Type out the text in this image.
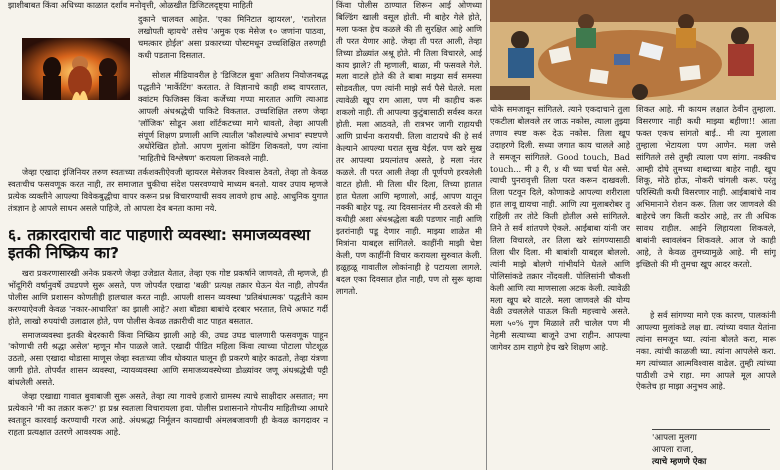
झाशीबाबत किंवा अधिच्या काळात दर्शाव मनोवृत्ती, ओळखीत डिजिटलदृष्ट्या माहिती

दुकाने चालवत आहेत. 'एका मिनिटात व्हायरल', 'रातोरात लखोपती व्हायचे' तसेच 'अमुक एक मेसेज १० जणांना पाठवा, चमत्कार होईल' असा प्रकारच्या पोस्टमधून उच्चशिक्षित तरुणही कधी पडताना दिसतात.

सोशल मीडियावरील हे 'डिजिटल बुवा' अतिशय नियोजनबद्ध पद्धतीने 'मार्केटिंग' करतात. ते विज्ञानाचे काही शब्द वापरतात, क्वांटम फिजिक्स किंवा कर्जेच्या गप्पा मारतात आणि त्याआड आपली अंधश्रद्धेची पाकिटे विकतात. उच्चशिक्षित तरुण जेव्हा 'लॉजिक' सोडून अशा शॉर्टकटच्या मागे धावतो, तेव्हा आपली संपूर्ण शिक्षण प्रणाली आणि त्यातील 'कौशल्यांचे अभाव' स्पष्टपणे अधोरेखित होतो. आपण मुलांना कोडिंग शिकवतो, पण त्यांना 'माहितीचे विश्लेषण' करायला शिकवले नाही.

जेव्हा एखादा इंजिनियर तरुण स्वतःच्या तर्कशक्तीऐवजी व्हायरल मेसेजवर विश्वास ठेवतो, तेव्हा तो केवळ स्वतःचीच फसवणूक करत नाही, तर समाजात चुकीचा संदेश पसरवण्याचे माध्यम बनतो. यावर उपाय म्हणजे प्रत्येक व्यक्तीने आपल्या विवेकबुद्धीचा वापर करून प्रश्न विचारण्याची सवय लावणे हाच आहे. आधुनिक युगात तंत्रज्ञान हे आपले साधन असले पाहिजे, तो आपला देव बनता कामा नये.

६. तक्रारदाराची वाट पाहणारी व्यवस्था: समाजव्यवस्था इतकी निष्क्रिय का?

खरा प्रकरणासारखी अनेक प्रकरणे जेव्हा उजेडात येतात, तेव्हा एक गोष्ट प्रकर्षाने जाणवते, ती म्हणजे, ही भोंदूगिरी वर्षानुवर्षे उघडपणे सुरू असते, पण जोपर्यंत एखादा 'बळी' प्रत्यक्ष तक्रार घेऊन येत नाही, तोपर्यंत पोलीस आणि प्रशासन कोणतीही हालचाल करत नाही. आपली शासन व्यवस्था 'प्रतिबंधात्मक' पद्धतीने काम करण्याऐवजी केवळ 'नकार-आधारित' का झाली आहे? अशा बोंड्या बाबांचे दरबार भरतात, तिथे अफाट गर्दी होते, लाखो रुपयांची उलाढाल होते, पण पोलीस केवळ तक्रारीची वाट पाहत बसतात.

समाजव्यवस्था इतकी बेदरकारी किंवा निष्क्रिय झाली आहे की, उघड उघड चालणारी फसवणूक पाहून 'कोणाची तरी श्रद्धा असेल' म्हणून मौन पाळले जाते. एखादी पीडित महिला किंवा त्याच्या पोटाला पोटशूळ उठतो, असा एखादा थोडासा माणूस जेव्हा स्वतःच्या जीव धोक्यात घालून ही प्रकरणे बाहेर काढतो, तेव्हा यंत्रणा जागी होते. तोपर्यंत शासन व्यवस्था, न्यायव्यवस्था आणि समाजव्यवस्थेच्या डोळ्यांवर जणू अंधश्रद्धेची पट्टी बांधलेली असते.

जेव्हा एखाद्या गावात बुवाबाजी सुरू असते, तेव्हा त्या गावचे हजारो ग्रामस्थ त्याचे साक्षीदार असतात; मग प्रत्येकाने 'मी का तक्रार करू?' हा प्रश्न स्वतःला विचारायला हवा. पोलीस प्रशासनाने गोपनीय माहितीच्या आधारे स्वतःहून कारवाई करण्याची गरज आहे. अंधश्रद्धा निर्मूलन कायद्याची अंमलबजावणी ही केवळ कागदावर न राहता प्रत्यक्षात उतरणे आवश्यक आहे.

किंवा पोलीस ठाण्यात शिरून आई ओणध्या बिल्डिंग खाली वसूल होती. मी बाहेर गेले होते, मला फक्त हेच कळले की ती सुरक्षित आहे आणि ती परत येणार आहे. जेव्हा ती परत आली, तेव्हा तिच्या डोळ्यांत अश्रू होते. मी तिला विचारले, आई काय झाले? ती म्हणाली, बाळा, मी फसवले गेले. मला वाटले होते की ते बाबा माझ्या सर्व समस्या सोडवतील, पण त्यांनी माझे सर्व पैसे घेतले. मला त्यावेळी खूप राग आला, पण मी काहीच करू शकलो नाही. ती आपल्या कुटुंबासाठी सर्वस्व करत होती. मला आठवते, ती रात्रभर जागी राहायची आणि प्रार्थना करायची. तिला वाटायचे की हे सर्व केल्याने आपल्या घरात सुख येईल. पण खरे सुख तर आपल्या प्रयत्नांतच असते, हे मला नंतर कळले. ती परत आली तेव्हा ती पूर्णपणे हरवलेली वाटत होती. मी तिला धीर दिला, तिच्या हातात हात घेतला आणि म्हणालो, आई, आपण यातून नक्की बाहेर पडू. त्या दिवसानंतर मी ठरवले की मी कधीही अशा अंधश्रद्धेला बळी पडणार नाही आणि इतरांनाही पडू देणार नाही. माझ्या शाळेत मी मित्रांना याबद्दल सांगितले. काहींनी माझी चेष्टा केली, पण काहींनी विचार करायला सुरुवात केली. हळूहळू गावातील लोकांनाही हे पटायला लागले. बदल एका दिवसात होत नाही, पण तो सुरू व्हावा लागतो.

धोके समजावून सांगितले. त्याने एकदाचाने तुला एकटीला बोलवले तर जाऊ नकोस, त्याला तुझ्या तणाव स्पष्ट करू देऊ नकोस. तिला खूप उदाहरणे दिली. सध्या जगात काय चालले आहे ते समजून सांगितले. Good touch, Bad touch... मी ३ री, ४ थी च्या चर्चा घेत असे. त्याची पुनरावृत्ती तिला परत करून दाखवली. तिला पटवून दिले, कोणाकडे आपल्या शरीराला हात लावू द्यायचा नाही. आणि त्या मुलाबरोबर तू राहिली तर तोटे किती होतील असे सांगितले. तिने ते सर्व शांतपणे ऐकले. आईबाबा यांनी जर तिला विचारले, तर तिला खरे सांगण्यासाठी तिला धीर दिला. मी बाबांशी याबद्दल बोललो. त्यांनी माझे बोलणे गांभीर्याने घेतले आणि पोलिसांकडे तक्रार नोंदवली. पोलिसांनी चौकशी केली आणि त्या माणसाला अटक केली. त्यावेळी मला खूप बरे वाटले. मला जाणवले की योग्य वेळी उचललेले पाऊल किती महत्त्वाचे असते. मला ५०% गुण मिळाले तरी चालेल पण मी नेहमी सत्याच्या बाजूने उभा राहीन. आपल्या जागेवर ठाम राहणे हेच खरे शिक्षण आहे.

शिकत आहे. मी कायम लक्षात ठेवीन तुम्हाला. विसरणार नाही कधी माझ्या बहीणा!! आता फक्त एकच सांगतो बाई.. मी त्या मुलाला तुम्हाला भेटायला पण आणेन. मला जसे सांगितले तसे तुम्ही त्याला पण सांगा. नक्कीच आम्ही दोघे तुमच्या शब्दाच्या बाहेर नाही. खूप शिकू, मोठे होऊ, नोकरी चांगली करू. परंतु परिस्थिती कधी विसरणार नाही. आईबाबांचे नाव अभिमानाने रोशन करू. तिला जर जाणवले की बाहेरचे जग किती कठोर आहे, तर ती अधिक सावध राहील. आईने लिहायला शिकवले, बाबांनी स्वावलंबन शिकवले. आज जे काही आहे, ते केवळ तुमच्यामुळे आहे. मी सांगू इच्छितो की मी तुमचा खूप आदर करतो.

हे सर्व सांगण्या मागे एक कारण, पालकांनी आपल्या मुलांकडे लक्ष द्या. त्यांच्या वयात येतांना त्यांना समजून घ्या. त्यांना बोलते करा, मारू नका. त्यांची काळजी घ्या. त्यांना आपलेसे करा. मग त्यांच्यात आत्मविश्वास वाढेल. तुम्ही त्यांच्या पाठीशी उभे राहा. मग आपले मूल आपले ऐकतेच हा माझा अनुभव आहे.

'आपला मुलगा
आपला राजा,
त्याचे म्हणणे ऐका
